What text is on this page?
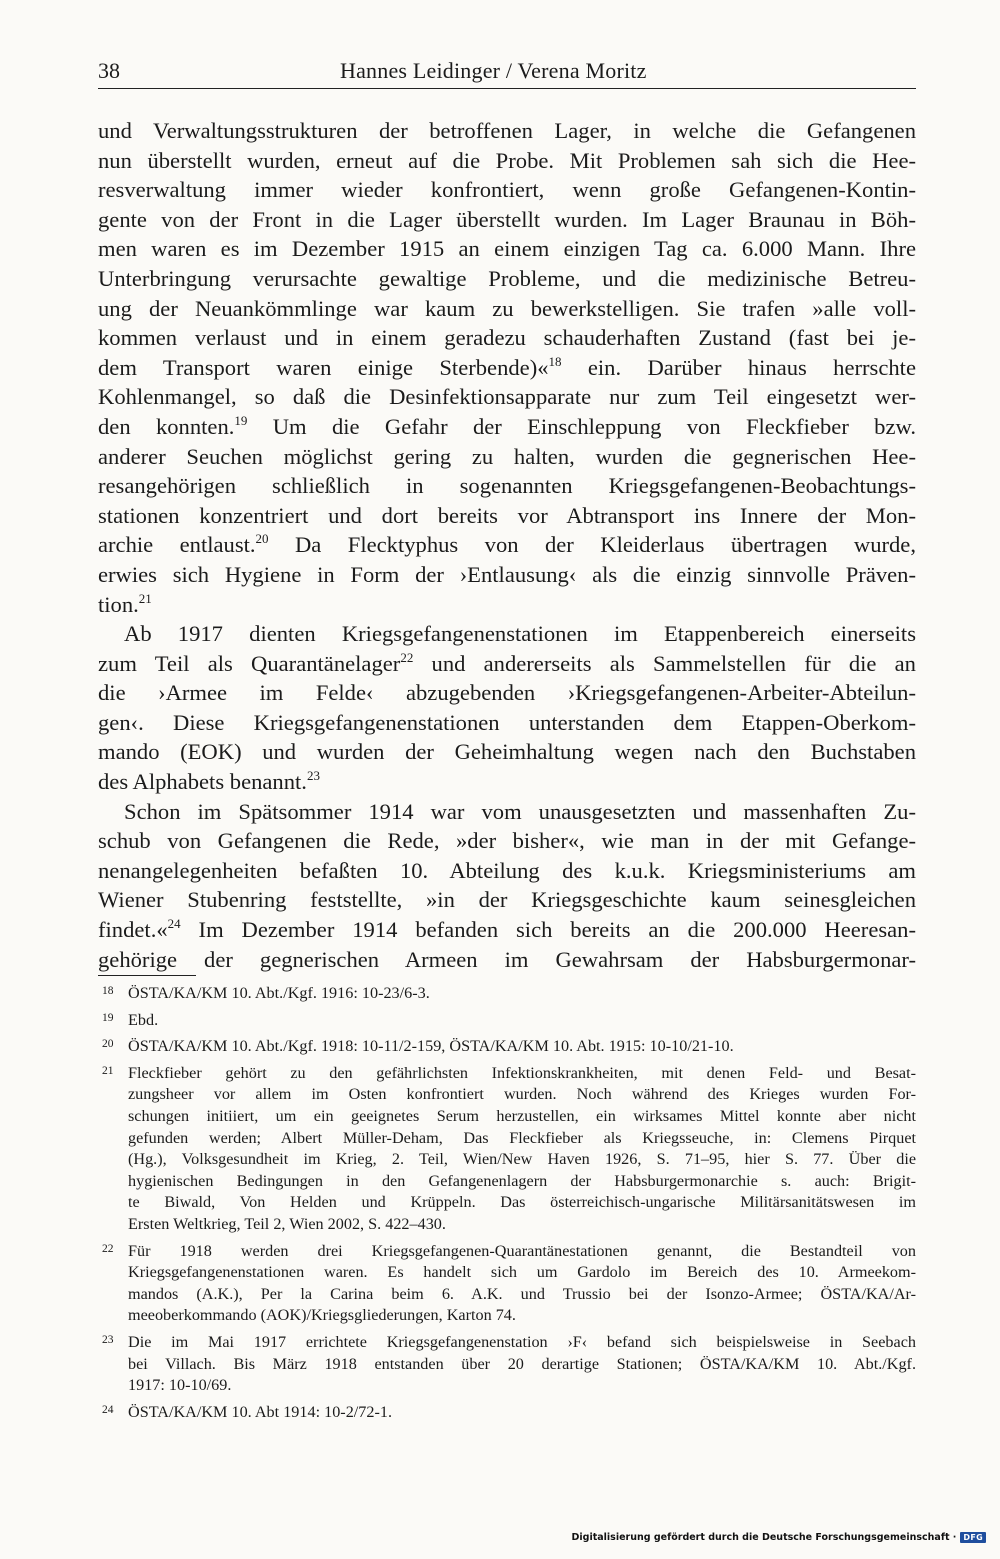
38	Hannes Leidinger / Verena Moritz

und Verwaltungsstrukturen der betroffenen Lager, in welche die Gefangenen

nun überstellt wurden, erneut auf die Probe. Mit Problemen sah sich die Hee-

resverwaltung immer wieder konfrontiert, wenn große Gefangenen-Kontin-

gente von der Front in die Lager überstellt wurden. Im Lager Braunau in Böh-

men waren es im Dezember 1915 an einem einzigen Tag ca. 6.000 Mann. Ihre

Unterbringung verursachte gewaltige Probleme, und die medizinische Betreu-

ung der Neuankömmlinge war kaum zu bewerkstelligen. Sie trafen »alle voll-

kommen verlaust und in einem geradezu schauderhaften Zustand (fast bei je-

dem Transport waren einige Sterbende)«$^{18}$ ein. Darüber hinaus herrschte

Kohlenmangel, so daß die Desinfektionsapparate nur zum Teil eingesetzt wer-

den konnten.$^{19}$ Um die Gefahr der Einschleppung von Fleckfieber bzw.

anderer Seuchen möglichst gering zu halten, wurden die gegnerischen Hee-

resangehörigen schließlich in sogenannten Kriegsgefangenen-Beobachtungs-

stationen konzentriert und dort bereits vor Abtransport ins Innere der Mon-

archie entlaust.$^{20}$ Da Flecktyphus von der Kleiderlaus übertragen wurde,

erwies sich Hygiene in Form der ›Entlausung‹ als die einzig sinnvolle Präven-

tion.$^{21}$

Ab 1917 dienten Kriegsgefangenenstationen im Etappenbereich einerseits

zum Teil als Quarantänelager$^{22}$ und andererseits als Sammelstellen für die an

die ›Armee im Felde‹ abzugebenden ›Kriegsgefangenen-Arbeiter-Abteilun-

gen‹. Diese Kriegsgefangenenstationen unterstanden dem Etappen-Oberkom-

mando (EOK) und wurden der Geheimhaltung wegen nach den Buchstaben

des Alphabets benannt.$^{23}$

Schon im Spätsommer 1914 war vom unausgesetzten und massenhaften Zu-

schub von Gefangenen die Rede, »der bisher«, wie man in der mit Gefange-

nenangelegenheiten befaßten 10. Abteilung des k.u.k. Kriegsministeriums am

Wiener Stubenring feststellte, »in der Kriegsgeschichte kaum seinesgleichen

findet.«$^{24}$ Im Dezember 1914 befanden sich bereits an die 200.000 Heeresan-

gehörige der gegnerischen Armeen im Gewahrsam der Habsburgermonar-

18 ÖSTA/KA/KM 10. Abt./Kgf. 1916: 10-23/6-3.

19 Ebd.

20 ÖSTA/KA/KM 10. Abt./Kgf. 1918: 10-11/2-159, ÖSTA/KA/KM 10. Abt. 1915: 10-10/21-10.

21 Fleckfieber gehört zu den gefährlichsten Infektionskrankheiten, mit denen Feld- und Besat-

zungsheer vor allem im Osten konfrontiert wurden. Noch während des Krieges wurden For-

schungen initiiert, um ein geeignetes Serum herzustellen, ein wirksames Mittel konnte aber nicht

gefunden werden; Albert Müller-Deham, Das Fleckfieber als Kriegsseuche, in: Clemens Pirquet

(Hg.), Volksgesundheit im Krieg, 2. Teil, Wien/New Haven 1926, S. 71–95, hier S. 77. Über die

hygienischen Bedingungen in den Gefangenenlagern der Habsburgermonarchie s. auch: Brigit-

te Biwald, Von Helden und Krüppeln. Das österreichisch-ungarische Militärsanitätswesen im

Ersten Weltkrieg, Teil 2, Wien 2002, S. 422–430.

22 Für 1918 werden drei Kriegsgefangenen-Quarantänestationen genannt, die Bestandteil von

Kriegsgefangenenstationen waren. Es handelt sich um Gardolo im Bereich des 10. Armeekom-

mandos (A.K.), Per la Carina beim 6. A.K. und Trussio bei der Isonzo-Armee; ÖSTA/KA/Ar-

meeoberkommando (AOK)/Kriegsgliederungen, Karton 74.

23 Die im Mai 1917 errichtete Kriegsgefangenenstation ›F‹ befand sich beispielsweise in Seebach

bei Villach. Bis März 1918 entstanden über 20 derartige Stationen; ÖSTA/KA/KM 10. Abt./Kgf.

1917: 10-10/69.

24 ÖSTA/KA/KM 10. Abt 1914: 10-2/72-1.

Digitalisierung gefördert durch die Deutsche Forschungsgemeinschaft · DFG
